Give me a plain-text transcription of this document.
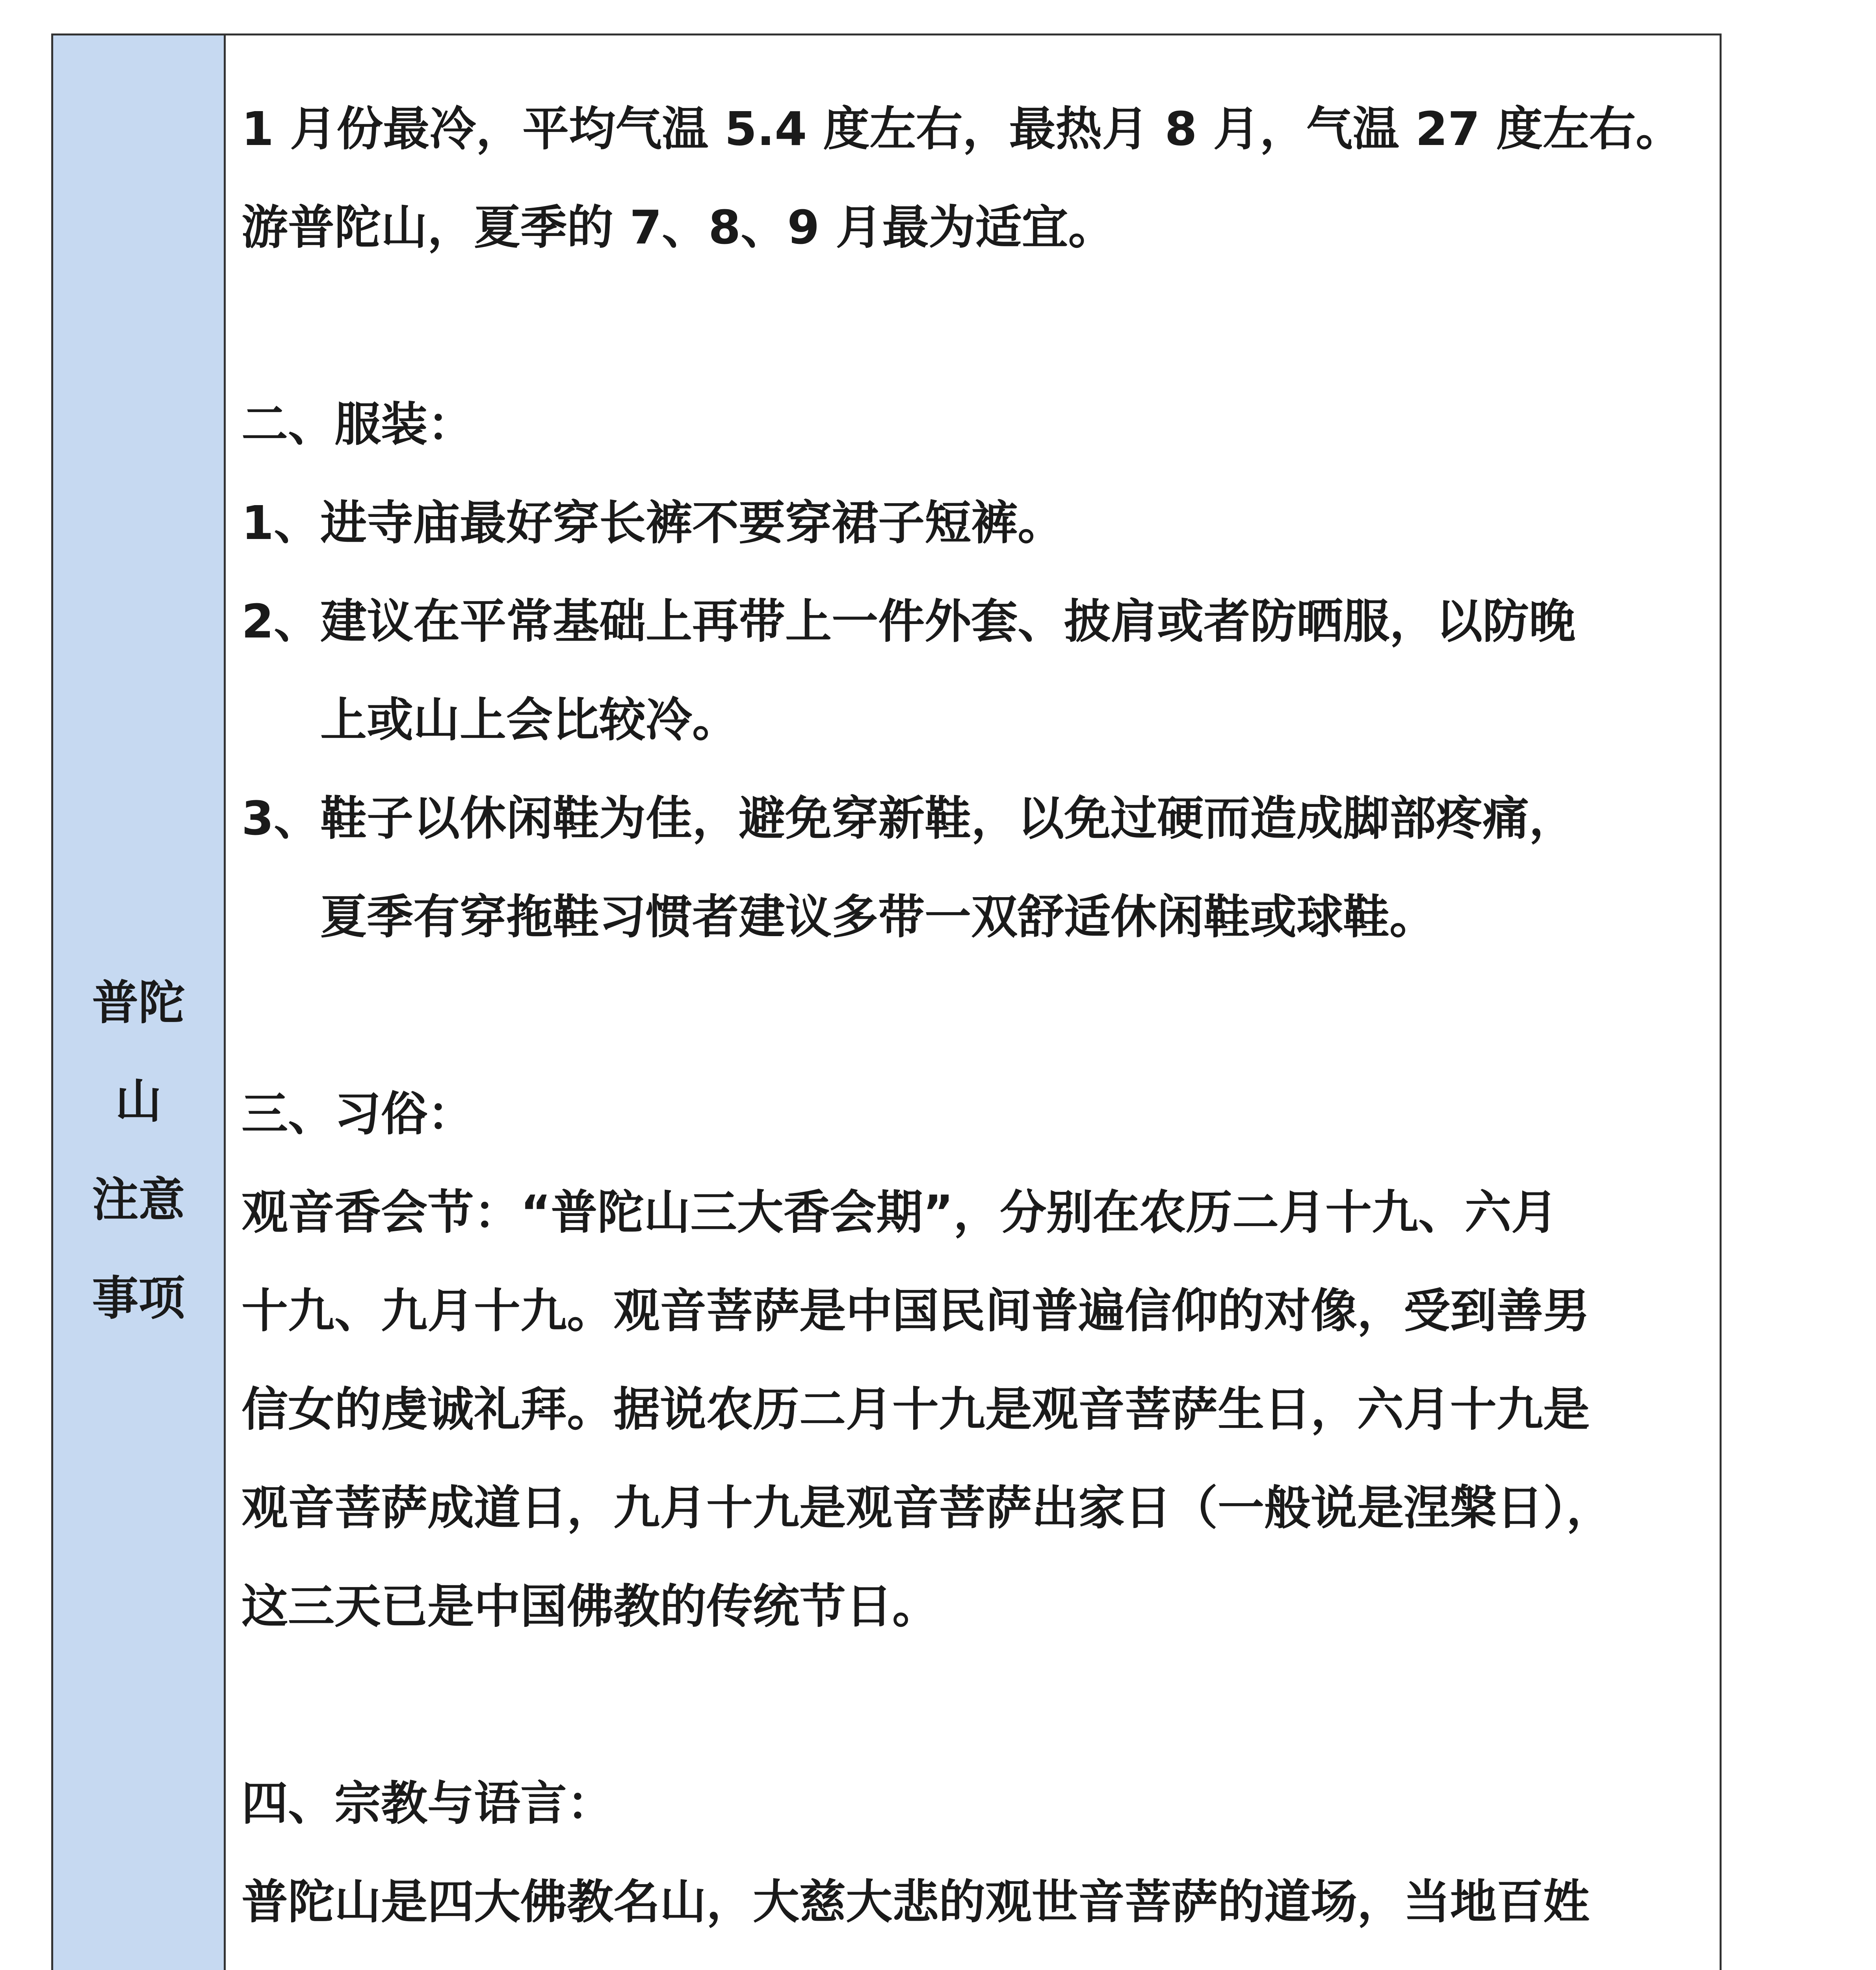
普陀
山
注意
事项
1 月份最冷，平均气温 5.4 度左右，最热月 8 月，气温 27 度左右。
游普陀山，夏季的 7、8、9 月最为适宜。
二、服装：
1、进寺庙最好穿长裤不要穿裙子短裤。
2、建议在平常基础上再带上一件外套、披肩或者防晒服，以防晚
上或山上会比较冷。
3、鞋子以休闲鞋为佳，避免穿新鞋，以免过硬而造成脚部疼痛，
夏季有穿拖鞋习惯者建议多带一双舒适休闲鞋或球鞋。
三、习俗：
观音香会节：“普陀山三大香会期”，分别在农历二月十九、六月
十九、九月十九。观音菩萨是中国民间普遍信仰的对像，受到善男
信女的虔诚礼拜。据说农历二月十九是观音菩萨生日，六月十九是
观音菩萨成道日，九月十九是观音菩萨出家日（一般说是涅槃日），
这三天已是中国佛教的传统节日。
四、宗教与语言：
普陀山是四大佛教名山，大慈大悲的观世音菩萨的道场，当地百姓
